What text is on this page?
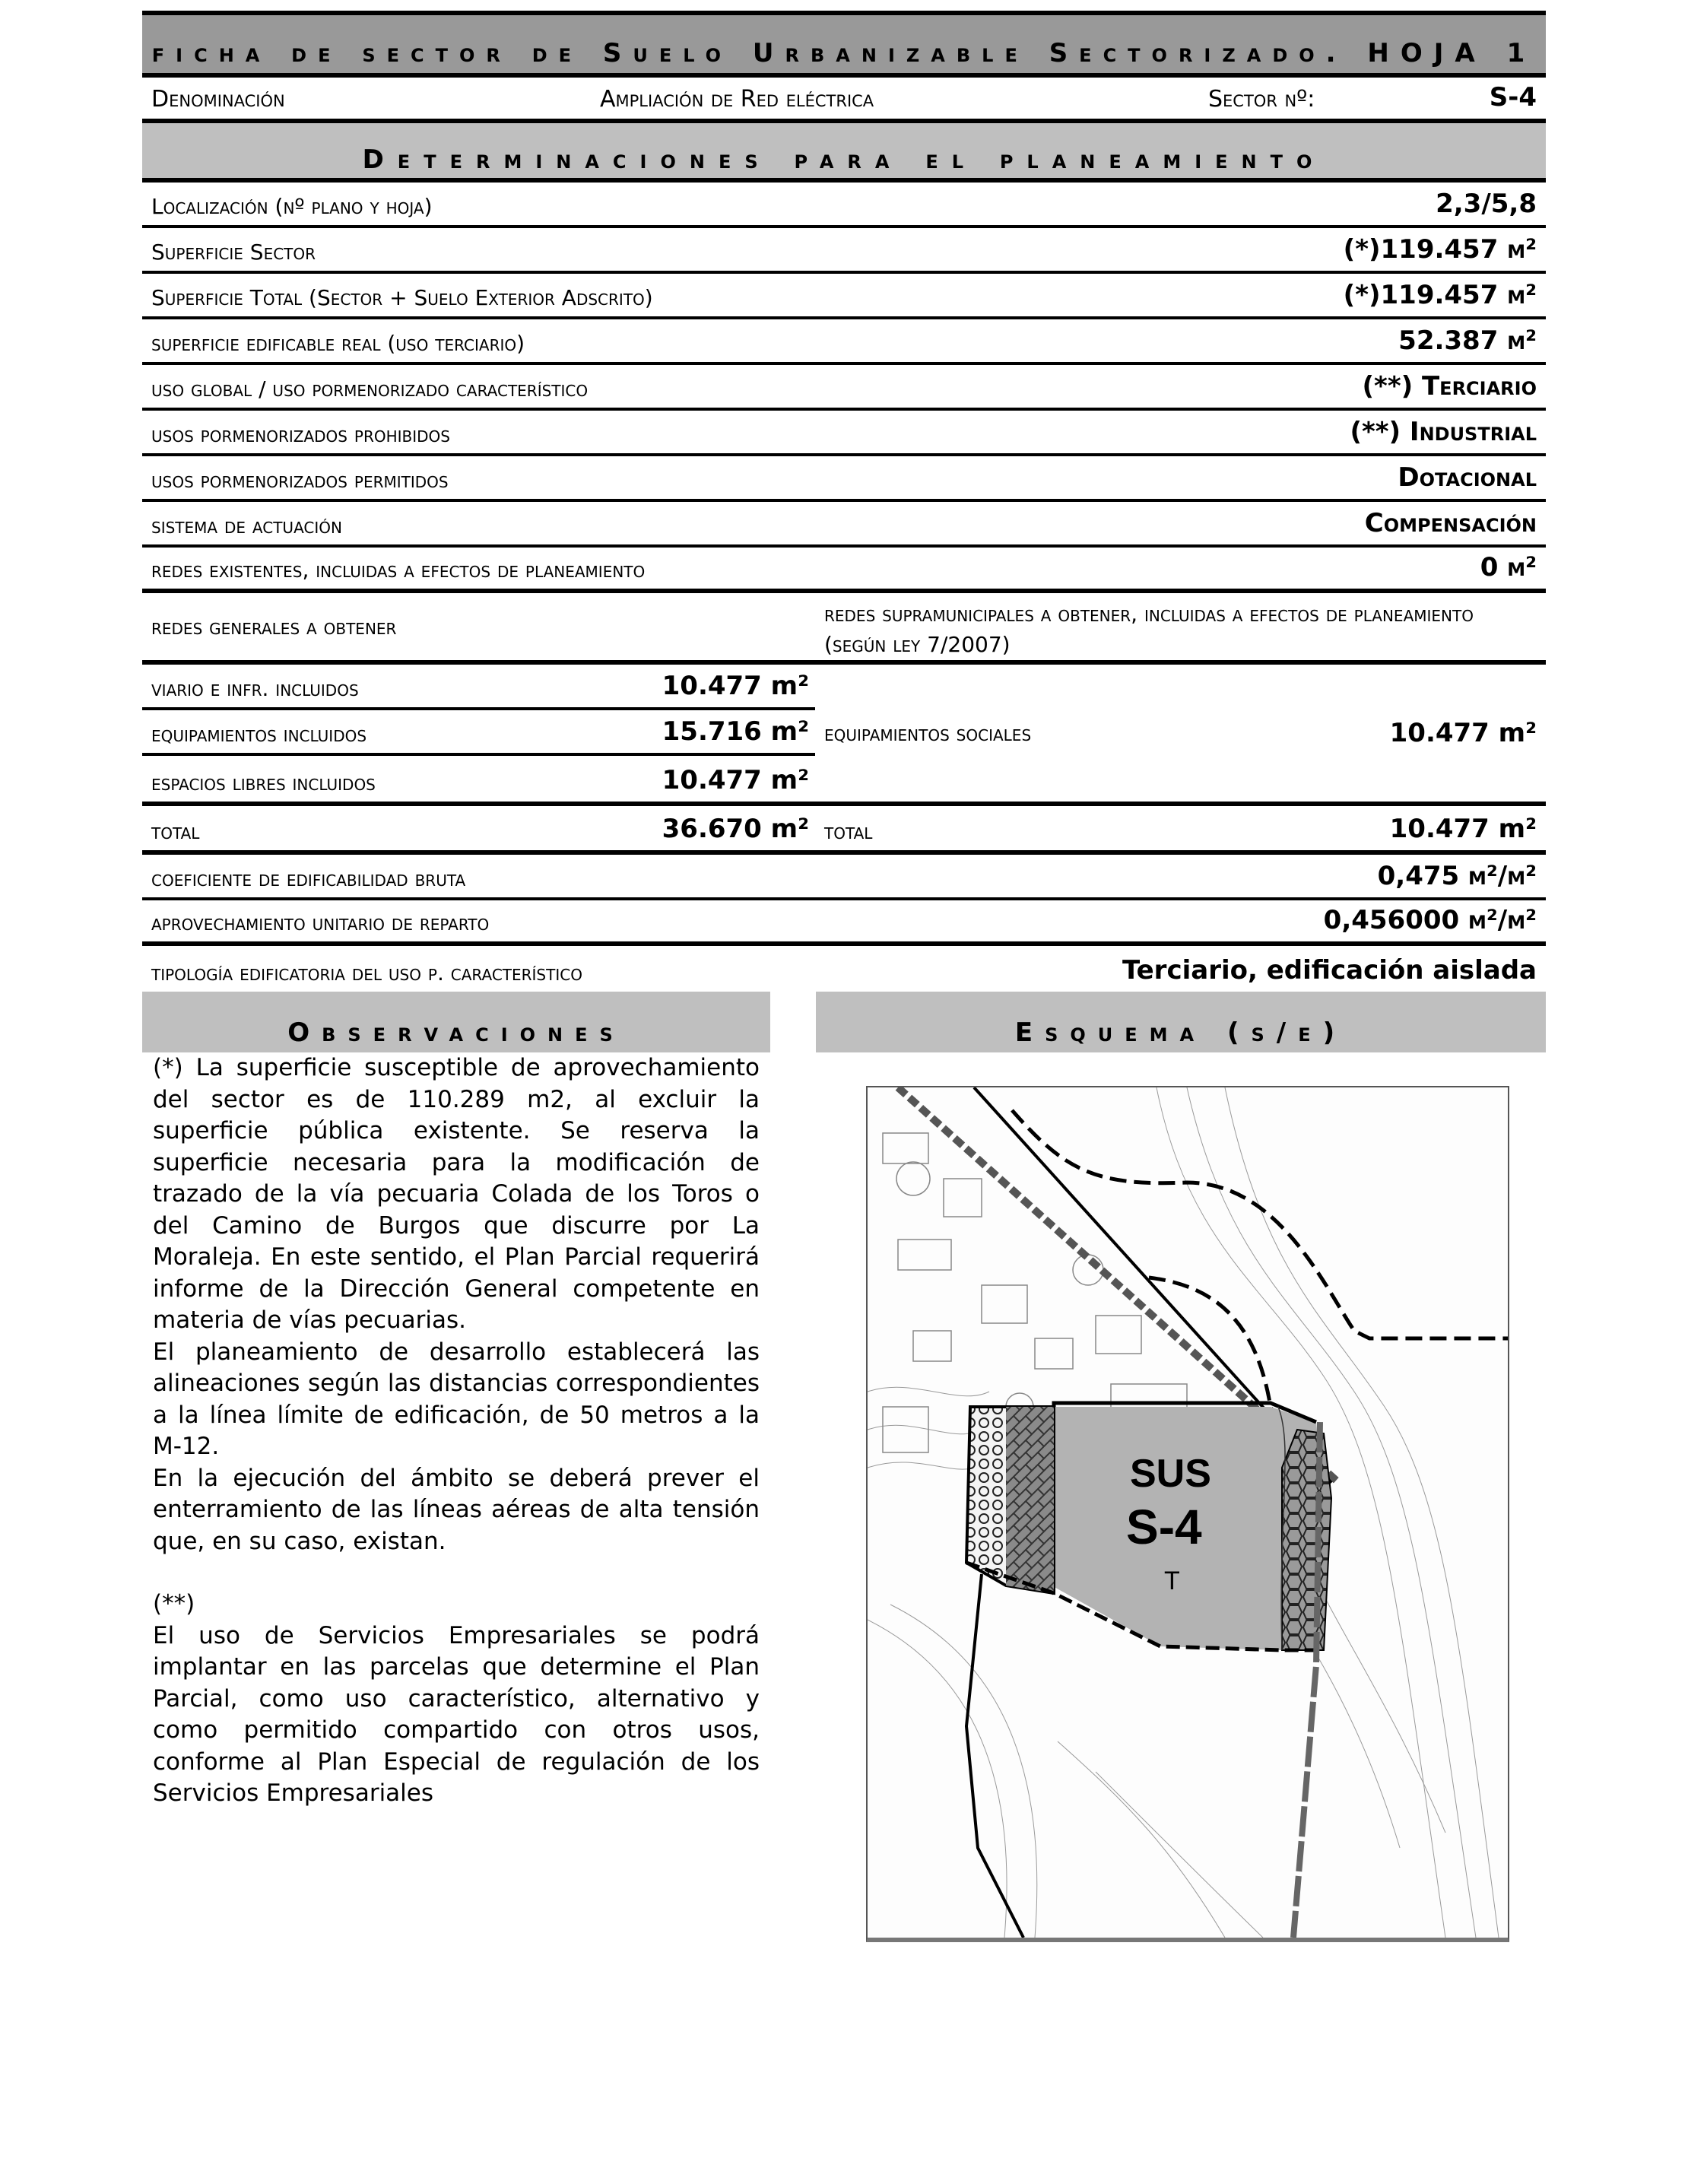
ficha de sector de Suelo Urbanizable Sectorizado. HOJA 1
Denominación	Ampliación de Red eléctrica	Sector nº:	S-4
Determinaciones para el planeamiento
Localización (nº plano y hoja)	2,3/5,8
Superficie Sector	(*)119.457 m²
Superficie Total (Sector + Suelo Exterior Adscrito)	(*)119.457 m²
superficie edificable real (uso terciario)	52.387 m²
uso global / uso pormenorizado característico	(**) Terciario
usos pormenorizados prohibidos	(**) Industrial
usos pormenorizados permitidos	Dotacional
sistema de actuación	Compensación
redes existentes, incluidas a efectos de planeamiento	0 m²
redes generales a obtener	redes supramunicipales a obtener, incluidas a efectos de planeamiento (según ley 7/2007)
viario e infr. incluidos	10.477 m²
equipamientos incluidos	15.716 m²
espacios libres incluidos	10.477 m²
equipamientos sociales	10.477 m²
total	36.670 m² total	10.477 m²
coeficiente de edificabilidad bruta	0,475 m²/m²
aprovechamiento unitario de reparto	0,456000 m²/m²
tipología edificatoria del uso p. característico	Terciario, edificación aislada
Observaciones

(*) La superficie susceptible de aprovechamiento del sector es de 110.289 m2, al excluir la superficie pública existente. Se reserva la superficie necesaria para la modificación de trazado de la vía pecuaria Colada de los Toros o del Camino de Burgos que discurre por La Moraleja. En este sentido, el Plan Parcial requerirá informe de la Dirección General competente en materia de vías pecuarias.

El planeamiento de desarrollo establecerá las alineaciones según las distancias correspondientes a la línea límite de edificación, de 50 metros a la M-12.

En la ejecución del ámbito se deberá prever el enterramiento de las líneas aéreas de alta tensión que, en su caso, existan.

(**)

El uso de Servicios Empresariales se podrá implantar en las parcelas que determine el Plan Parcial, como uso característico, alternativo y como permitido compartido con otros usos, conforme al Plan Especial de regulación de los Servicios Empresariales

Esquema (s/e)
SUS
S-4
T
